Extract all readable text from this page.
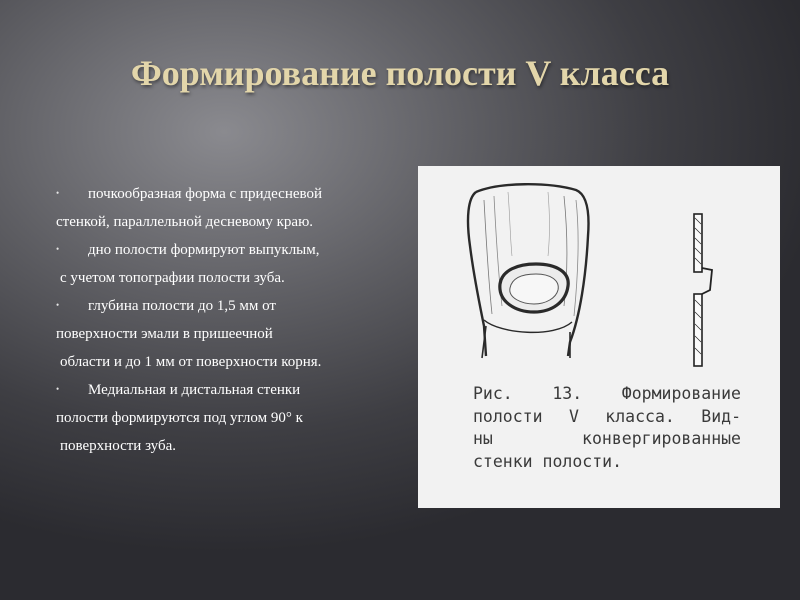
Формирование полости V класса
• почкообразная форма с придесневой
стенкой, параллельной десневому краю.
• дно полости формируют выпуклым,
с учетом топографии полости зуба.
• глубина полости до 1,5 мм от
поверхности эмали в пришеечной
области и до 1 мм от поверхности корня.
• Медиальная и дистальная стенки
полости формируются под углом 90° к
поверхности зуба.
Рис. 13. Формирование
полости V класса. Вид-
ны конвергированные
стенки полости.
